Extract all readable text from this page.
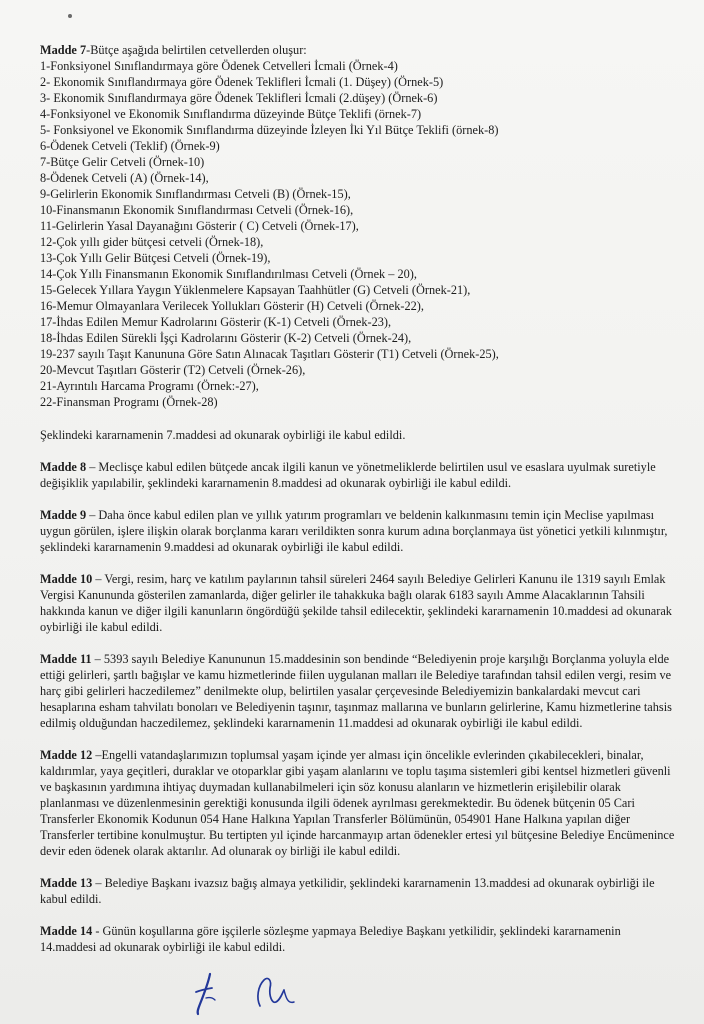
Madde 7-Bütçe aşağıda belirtilen cetvellerden oluşur:
1-Fonksiyonel Sınıflandırmaya göre Ödenek Cetvelleri İcmali (Örnek-4)
2- Ekonomik Sınıflandırmaya göre Ödenek Teklifleri İcmali (1. Düşey) (Örnek-5)
3- Ekonomik Sınıflandırmaya göre Ödenek Teklifleri İcmali (2.düşey) (Örnek-6)
4-Fonksiyonel ve Ekonomik Sınıflandırma düzeyinde Bütçe Teklifi (örnek-7)
5- Fonksiyonel ve Ekonomik Sınıflandırma düzeyinde İzleyen İki Yıl Bütçe Teklifi (örnek-8)
6-Ödenek Cetveli (Teklif) (Örnek-9)
7-Bütçe Gelir Cetveli (Örnek-10)
8-Ödenek Cetveli (A) (Örnek-14),
9-Gelirlerin Ekonomik Sınıflandırması Cetveli (B) (Örnek-15),
10-Finansmanın Ekonomik Sınıflandırması Cetveli (Örnek-16),
11-Gelirlerin Yasal Dayanağını Gösterir ( C) Cetveli (Örnek-17),
12-Çok yıllı gider bütçesi cetveli (Örnek-18),
13-Çok Yıllı Gelir Bütçesi Cetveli (Örnek-19),
14-Çok Yıllı Finansmanın Ekonomik Sınıflandırılması Cetveli (Örnek – 20),
15-Gelecek Yıllara Yaygın Yüklenmelere Kapsayan Taahhütler (G) Cetveli (Örnek-21),
16-Memur Olmayanlara Verilecek Yollukları Gösterir (H) Cetveli (Örnek-22),
17-İhdas Edilen Memur Kadrolarını Gösterir (K-1) Cetveli (Örnek-23),
18-İhdas Edilen Sürekli İşçi Kadrolarını Gösterir (K-2) Cetveli (Örnek-24),
19-237 sayılı Taşıt Kanununa Göre Satın Alınacak Taşıtları Gösterir (T1) Cetveli (Örnek-25),
20-Mevcut Taşıtları Gösterir (T2) Cetveli (Örnek-26),
21-Ayrıntılı Harcama Programı (Örnek:-27),
22-Finansman Programı (Örnek-28)

Şeklindeki kararnamenin 7.maddesi ad okunarak oybirliği ile kabul edildi.

Madde 8 – Meclisçe kabul edilen bütçede ancak ilgili kanun ve yönetmeliklerde belirtilen usul ve esaslara uyulmak suretiyle değişiklik yapılabilir, şeklindeki kararnamenin 8.maddesi ad okunarak oybirliği ile kabul edildi.

Madde 9 – Daha önce kabul edilen plan ve yıllık yatırım programları ve beldenin kalkınmasını temin için Meclise yapılması uygun görülen, işlere ilişkin olarak borçlanma kararı verildikten sonra kurum adına borçlanmaya üst yönetici yetkili kılınmıştır, şeklindeki kararnamenin 9.maddesi ad okunarak oybirliği ile kabul edildi.

Madde 10 – Vergi, resim, harç ve katılım paylarının tahsil süreleri 2464 sayılı Belediye Gelirleri Kanunu ile 1319 sayılı Emlak Vergisi Kanununda gösterilen zamanlarda, diğer gelirler ile tahakkuka bağlı olarak 6183 sayılı Amme Alacaklarının Tahsili hakkında kanun ve diğer ilgili kanunların öngördüğü şekilde tahsil edilecektir, şeklindeki kararnamenin 10.maddesi ad okunarak oybirliği ile kabul edildi.

Madde 11 – 5393 sayılı Belediye Kanununun 15.maddesinin son bendinde “Belediyenin proje karşılığı Borçlanma yoluyla elde ettiği gelirleri, şartlı bağışlar ve kamu hizmetlerinde fiilen uygulanan malları ile Belediye tarafından tahsil edilen vergi, resim ve harç gibi gelirleri haczedilemez” denilmekte olup, belirtilen yasalar çerçevesinde Belediyemizin bankalardaki mevcut cari hesaplarına esham tahvilatı bonoları ve Belediyenin taşınır, taşınmaz mallarına ve bunların gelirlerine, Kamu hizmetlerine tahsis edilmiş olduğundan haczedilemez, şeklindeki kararnamenin 11.maddesi ad okunarak oybirliği ile kabul edildi.

Madde 12 –Engelli vatandaşlarımızın toplumsal yaşam içinde yer alması için öncelikle evlerinden çıkabilecekleri, binalar, kaldırımlar, yaya geçitleri, duraklar ve otoparklar gibi yaşam alanlarını ve toplu taşıma sistemleri gibi kentsel hizmetleri güvenli ve başkasının yardımına ihtiyaç duymadan kullanabilmeleri için söz konusu alanların ve hizmetlerin erişilebilir olarak planlanması ve düzenlenmesinin gerektiği konusunda ilgili ödenek ayrılması gerekmektedir. Bu ödenek bütçenin 05 Cari Transferler Ekonomik Kodunun 054 Hane Halkına Yapılan Transferler Bölümünün, 054901 Hane Halkına yapılan diğer Transferler tertibine konulmuştur. Bu tertipten yıl içinde harcanmayıp artan ödenekler ertesi yıl bütçesine Belediye Encümenince devir eden ödenek olarak aktarılır. Ad olunarak oy birliği ile kabul edildi.

Madde 13 – Belediye Başkanı ivazsız bağış almaya yetkilidir, şeklindeki kararnamenin 13.maddesi ad okunarak oybirliği ile kabul edildi.

Madde 14 - Günün koşullarına göre işçilerle sözleşme yapmaya Belediye Başkanı yetkilidir, şeklindeki kararnamenin 14.maddesi ad okunarak oybirliği ile kabul edildi.
